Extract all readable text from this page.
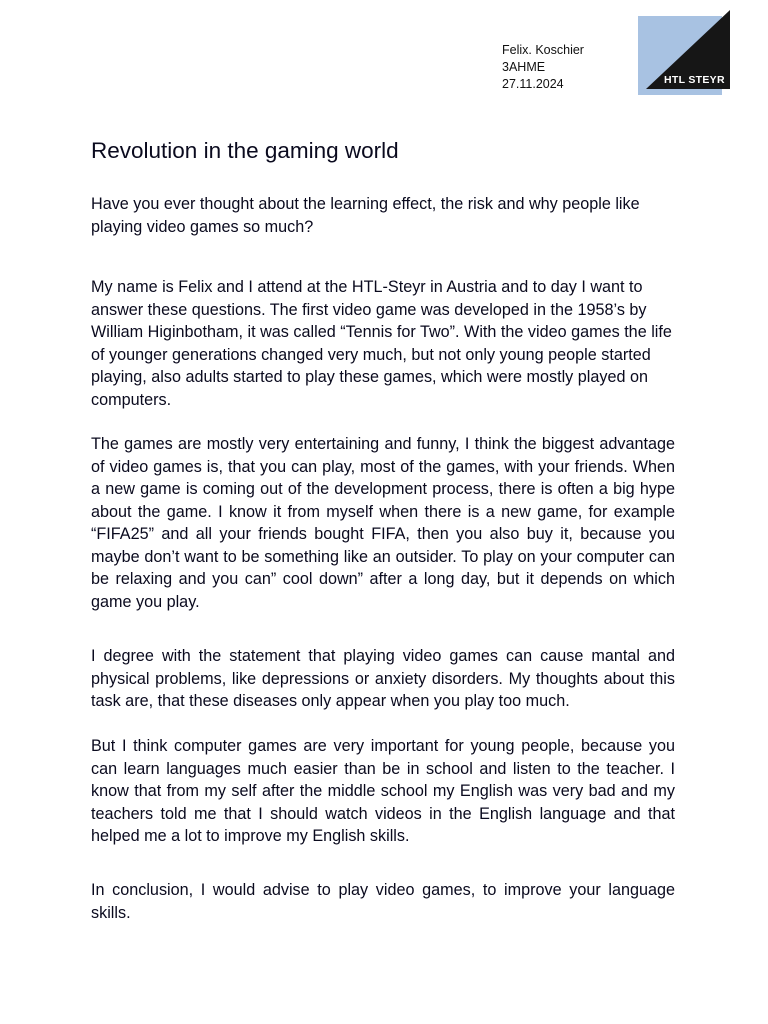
Felix. Koschier
3AHME
27.11.2024	HTL STEYR
Revolution in the gaming world

Have you ever thought about the learning effect, the risk and why people like playing video games so much?

My name is Felix and I attend at the HTL-Steyr in Austria and to day I want to answer these questions. The first video game was developed in the 1958’s by William Higinbotham, it was called “Tennis for Two”. With the video games the life of younger generations changed very much, but not only young people started playing, also adults started to play these games, which were mostly played on computers.

The games are mostly very entertaining and funny, I think the biggest advantage of video games is, that you can play, most of the games, with your friends. When a new game is coming out of the development process, there is often a big hype about the game. I know it from myself when there is a new game, for example “FIFA25” and all your friends bought FIFA, then you also buy it, because you maybe don’t want to be something like an outsider. To play on your computer can be relaxing and you can” cool down” after a long day, but it depends on which game you play.

I degree with the statement that playing video games can cause mantal and physical problems, like depressions or anxiety disorders. My thoughts about this task are, that these diseases only appear when you play too much.

But I think computer games are very important for young people, because you can learn languages much easier than be in school and listen to the teacher. I know that from my self after the middle school my English was very bad and my teachers told me that I should watch videos in the English language and that helped me a lot to improve my English skills.

In conclusion, I would advise to play video games, to improve your language skills.
